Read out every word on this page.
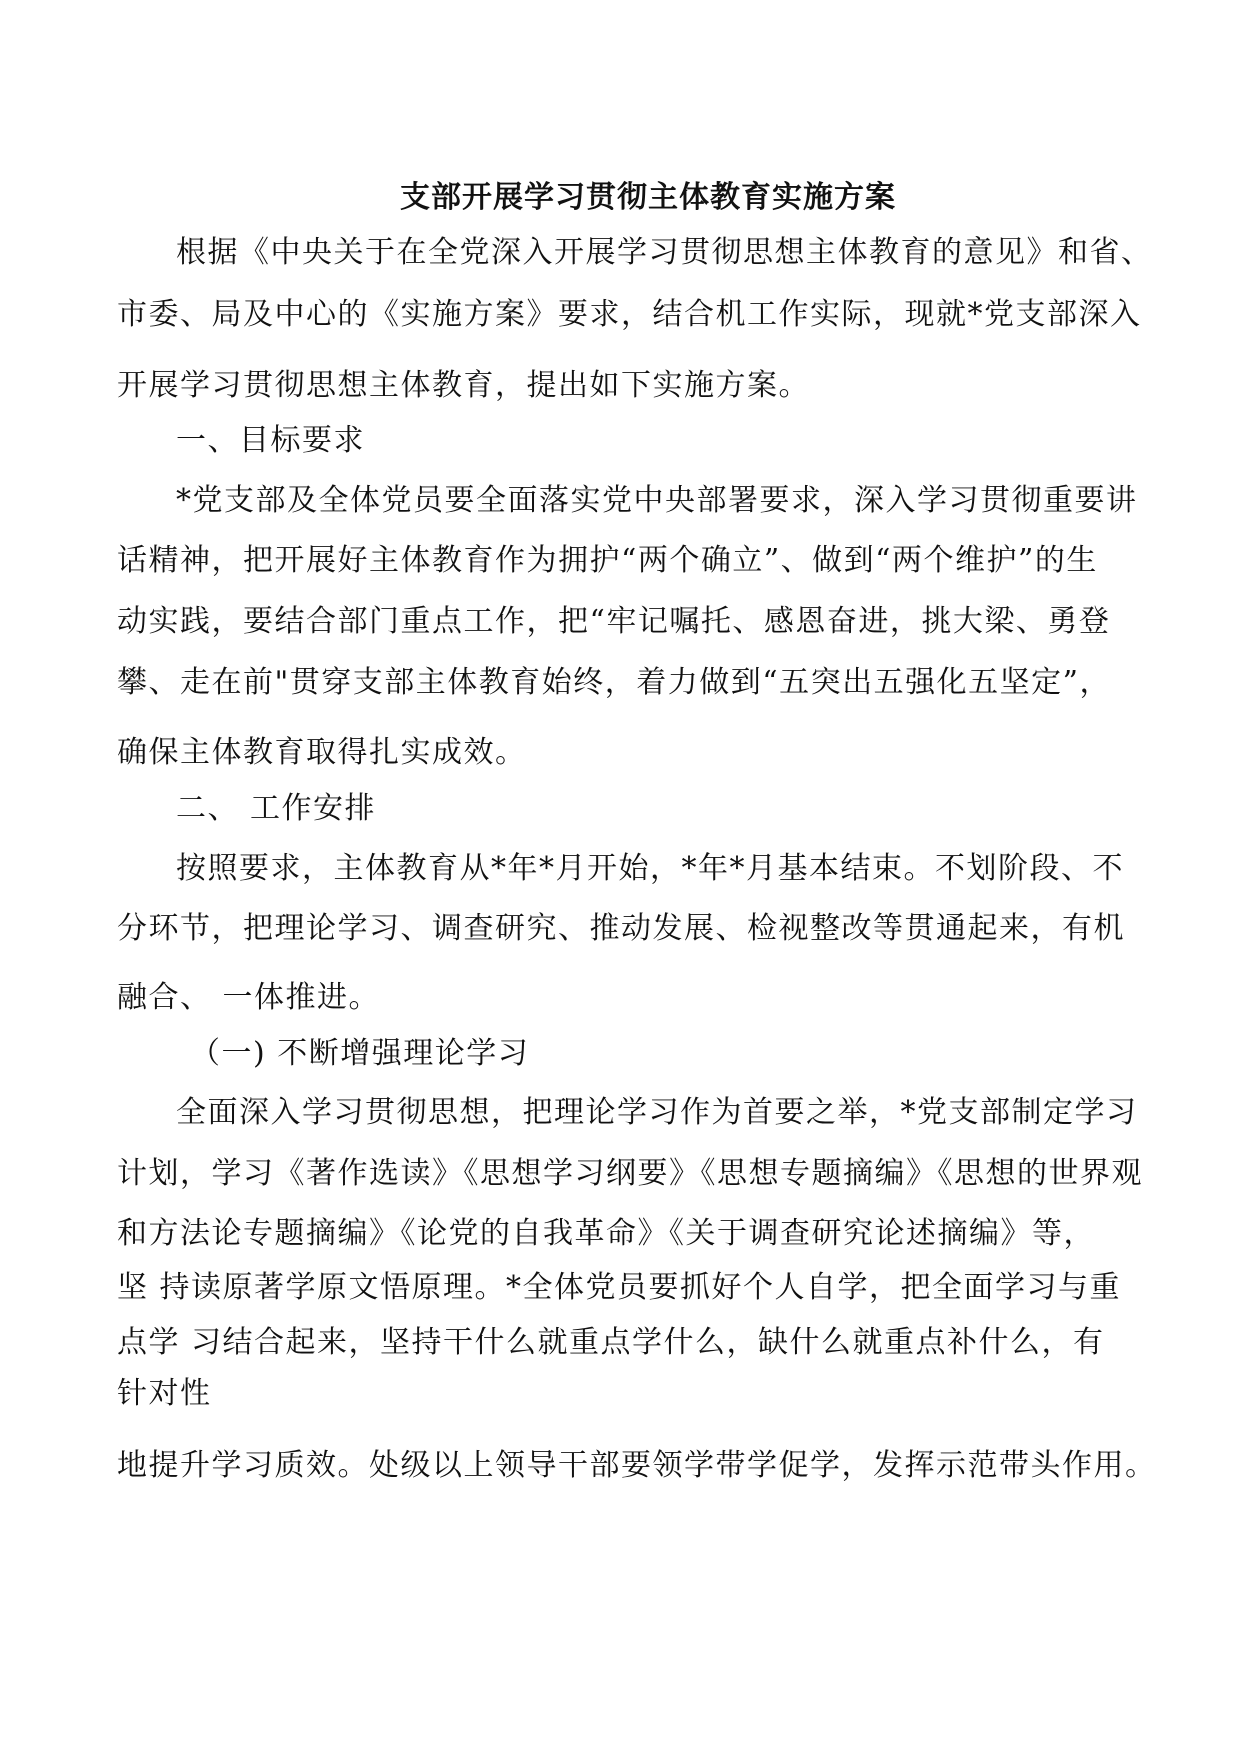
支部开展学习贯彻主体教育实施方案
根据《中央关于在全党深入开展学习贯彻思想主体教育的意见》和省、
市委、局及中心的《实施方案》要求，结合机工作实际，现就*党支部深入
开展学习贯彻思想主体教育，提出如下实施方案。
一、目标要求
*党支部及全体党员要全面落实党中央部署要求，深入学习贯彻重要讲
话精神，把开展好主体教育作为拥护“两个确立”、做到“两个维护”的生
动实践，要结合部门重点工作，把“牢记嘱托、感恩奋进，挑大梁、勇登
攀、走在前"贯穿支部主体教育始终，着力做到“五突出五强化五坚定”，
确保主体教育取得扎实成效。
二、 工作安排
按照要求，主体教育从*年*月开始，*年*月基本结束。不划阶段、不
分环节，把理论学习、调查研究、推动发展、检视整改等贯通起来，有机
融合、 一体推进。
（一) 不断增强理论学习
全面深入学习贯彻思想，把理论学习作为首要之举，*党支部制定学习
计划，学习《著作选读》《思想学习纲要》《思想专题摘编》《思想的世界观
和方法论专题摘编》《论党的自我革命》《关于调查研究论述摘编》等，
坚 持读原著学原文悟原理。*全体党员要抓好个人自学，把全面学习与重
点学 习结合起来，坚持干什么就重点学什么，缺什么就重点补什么，有
针对性
地提升学习质效。处级以上领导干部要领学带学促学，发挥示范带头作用。
